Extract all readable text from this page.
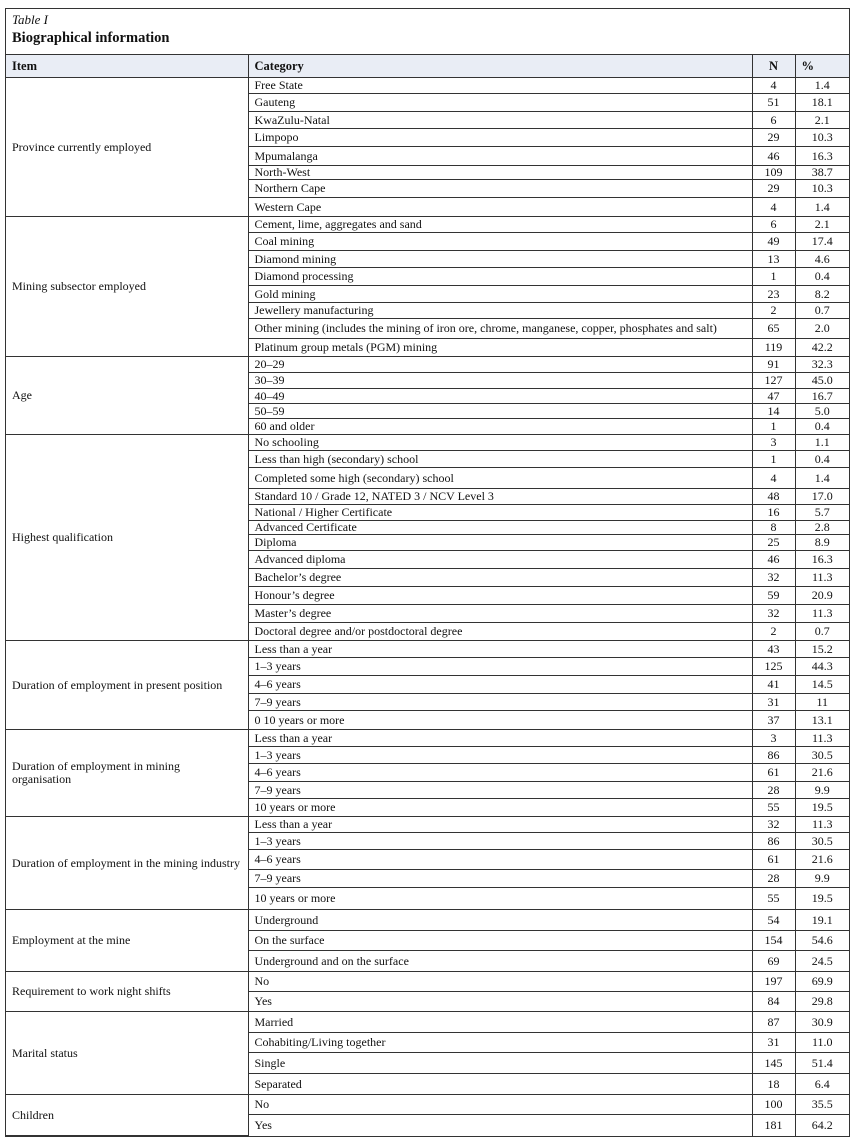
Table I
Biographical information
Item	Category	N	%
Province currently employed	Free State	4	1.4
	Gauteng	51	18.1
	KwaZulu-Natal	6	2.1
	Limpopo	29	10.3
	Mpumalanga	46	16.3
	North-West	109	38.7
	Northern Cape	29	10.3
	Western Cape	4	1.4
Mining subsector employed	Cement, lime, aggregates and sand	6	2.1
	Coal mining	49	17.4
	Diamond mining	13	4.6
	Diamond processing	1	0.4
	Gold mining	23	8.2
	Jewellery manufacturing	2	0.7
	Other mining (includes the mining of iron ore, chrome, manganese, copper, phosphates and salt)	65	2.0
	Platinum group metals (PGM) mining	119	42.2
Age	20–29	91	32.3
	30–39	127	45.0
	40–49	47	16.7
	50–59	14	5.0
	60 and older	1	0.4
Highest qualification	No schooling	3	1.1
	Less than high (secondary) school	1	0.4
	Completed some high (secondary) school	4	1.4
	Standard 10 / Grade 12, NATED 3 / NCV Level 3	48	17.0
	National / Higher Certificate	16	5.7
	Advanced Certificate	8	2.8
	Diploma	25	8.9
	Advanced diploma	46	16.3
	Bachelor’s degree	32	11.3
	Honour’s degree	59	20.9
	Master’s degree	32	11.3
	Doctoral degree and/or postdoctoral degree	2	0.7
Duration of employment in present position	Less than a year	43	15.2
	1–3 years	125	44.3
	4–6 years	41	14.5
	7–9 years	31	11
	0 10 years or more	37	13.1
Duration of employment in mining organisation	Less than a year	3	11.3
	1–3 years	86	30.5
	4–6 years	61	21.6
	7–9 years	28	9.9
	10 years or more	55	19.5
Duration of employment in the mining industry	Less than a year	32	11.3
	1–3 years	86	30.5
	4–6 years	61	21.6
	7–9 years	28	9.9
	10 years or more	55	19.5
Employment at the mine	Underground	54	19.1
	On the surface	154	54.6
	Underground and on the surface	69	24.5
Requirement to work night shifts	No	197	69.9
	Yes	84	29.8
Marital status	Married	87	30.9
	Cohabiting/Living together	31	11.0
	Single	145	51.4
	Separated	18	6.4
Children	No	100	35.5
	Yes	181	64.2
